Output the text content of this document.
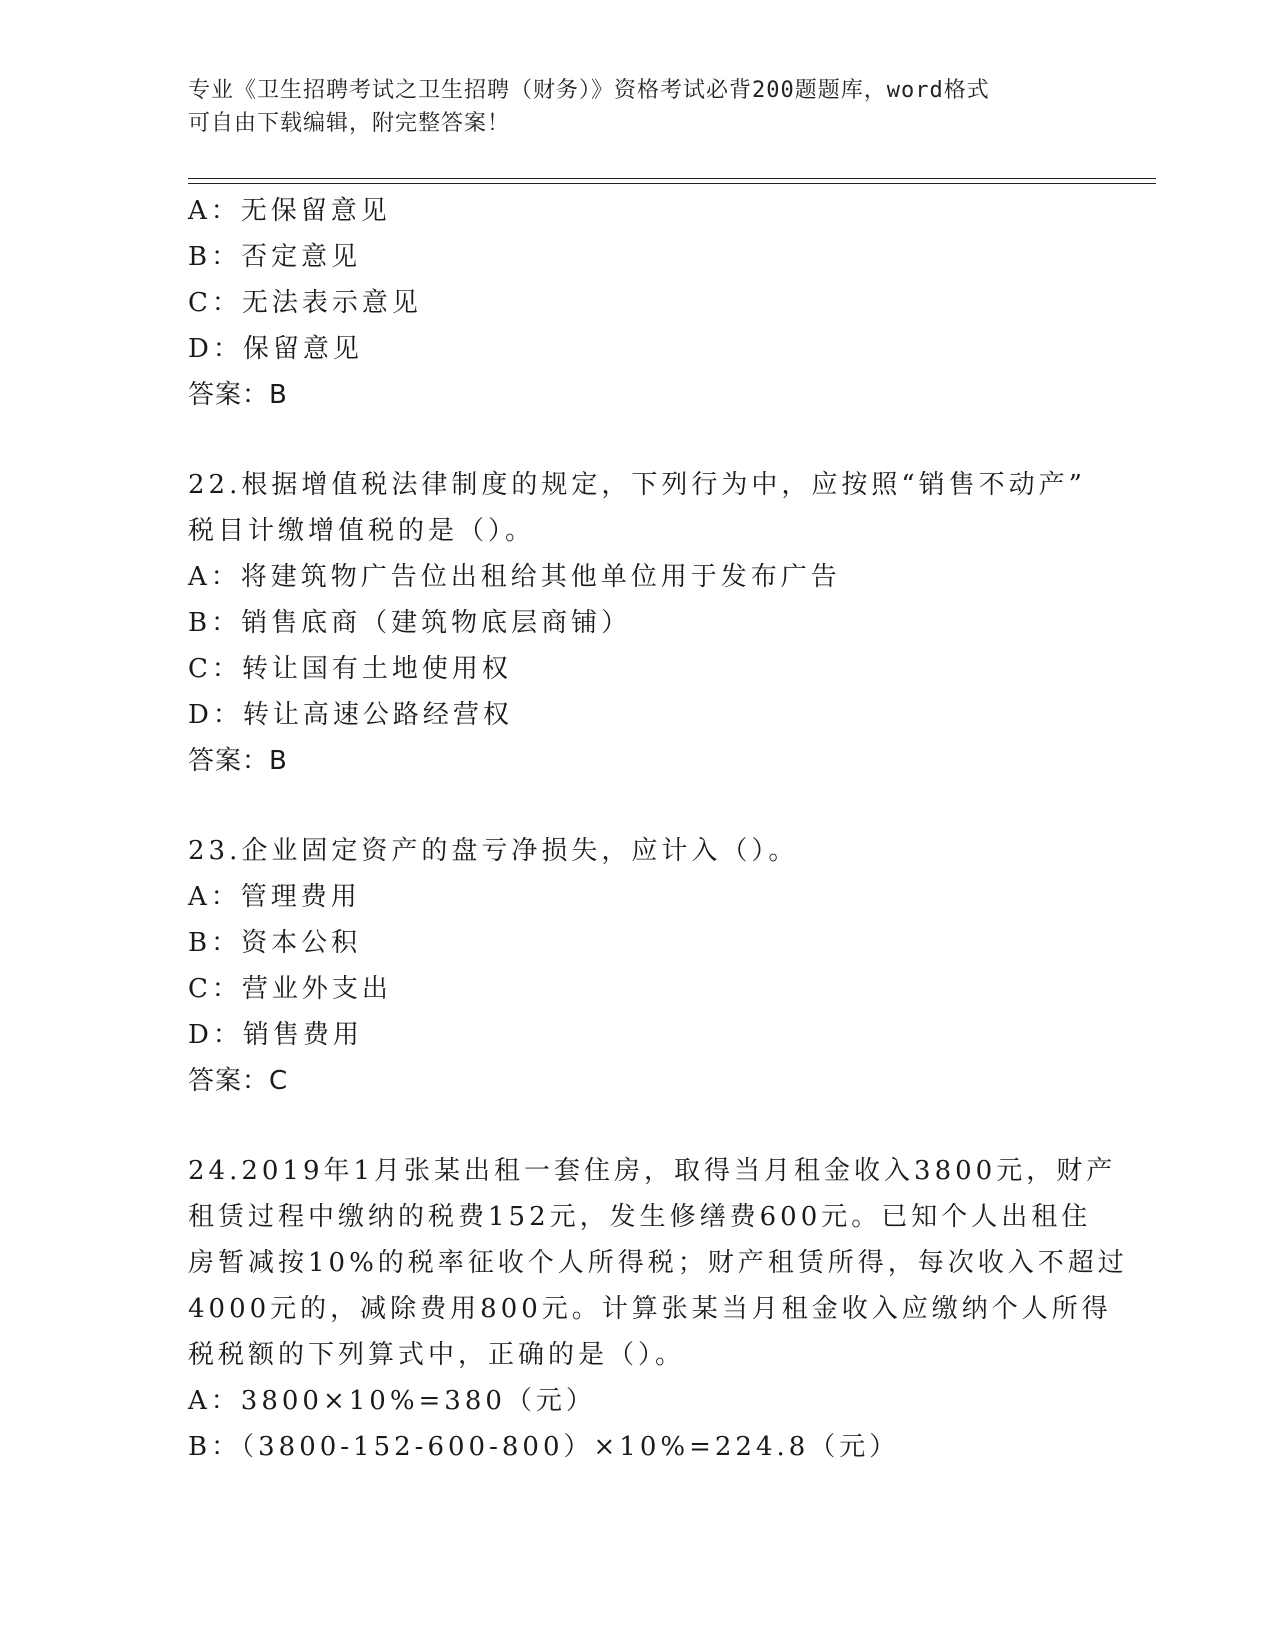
专业《卫生招聘考试之卫生招聘（财务）》资格考试必背200题题库，word格式
可自由下载编辑，附完整答案！
A：无保留意见
B：否定意见
C：无法表示意见
D：保留意见
答案：B
22.根据增值税法律制度的规定，下列行为中，应按照“销售不动产”
税目计缴增值税的是（）。
A：将建筑物广告位出租给其他单位用于发布广告
B：销售底商（建筑物底层商铺）
C：转让国有土地使用权
D：转让高速公路经营权
答案：B
23.企业固定资产的盘亏净损失，应计入（）。
A：管理费用
B：资本公积
C：营业外支出
D：销售费用
答案：C
24.2019年1月张某出租一套住房，取得当月租金收入3800元，财产
租赁过程中缴纳的税费152元，发生修缮费600元。已知个人出租住
房暂减按10%的税率征收个人所得税；财产租赁所得，每次收入不超过
4000元的，减除费用800元。计算张某当月租金收入应缴纳个人所得
税税额的下列算式中，正确的是（）。
A：3800×10%=380（元）
B：（3800-152-600-800）×10%=224.8（元）
